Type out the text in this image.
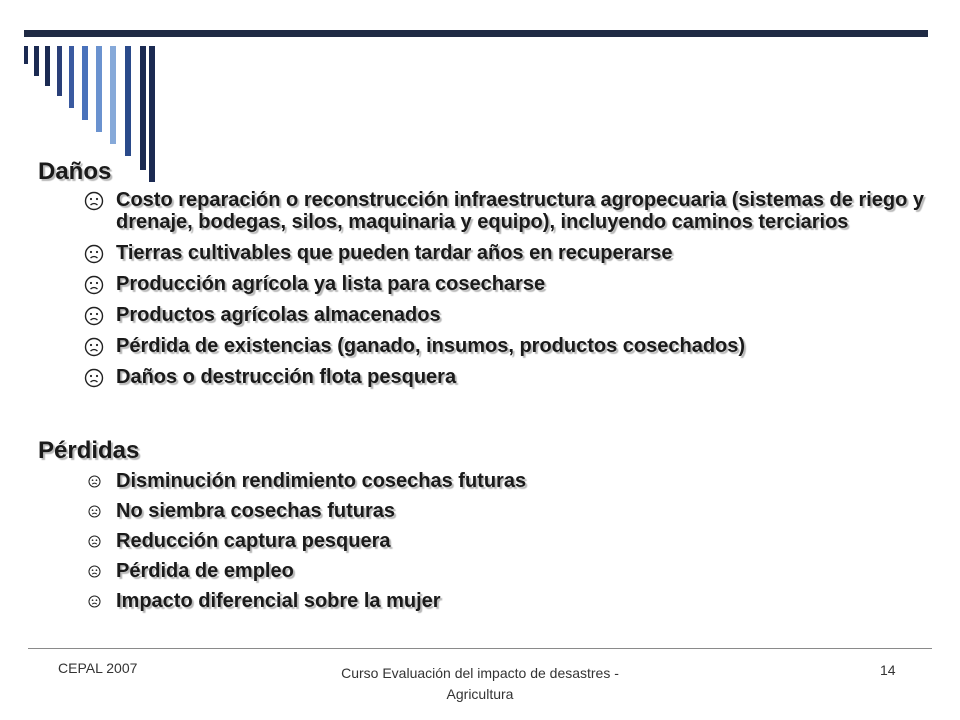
Daños
Costo reparación o reconstrucción infraestructura agropecuaria (sistemas de riego y drenaje, bodegas, silos, maquinaria y equipo), incluyendo caminos terciarios
Tierras cultivables que pueden tardar años en recuperarse
Producción agrícola ya lista para cosecharse
Productos agrícolas almacenados
Pérdida de existencias (ganado, insumos, productos cosechados)
Daños o destrucción flota pesquera
Pérdidas
Disminución rendimiento cosechas futuras
No siembra cosechas futuras
Reducción captura pesquera
Pérdida de empleo
Impacto diferencial sobre la mujer
CEPAL 2007	Curso Evaluación del impacto de desastres - Agricultura
14
